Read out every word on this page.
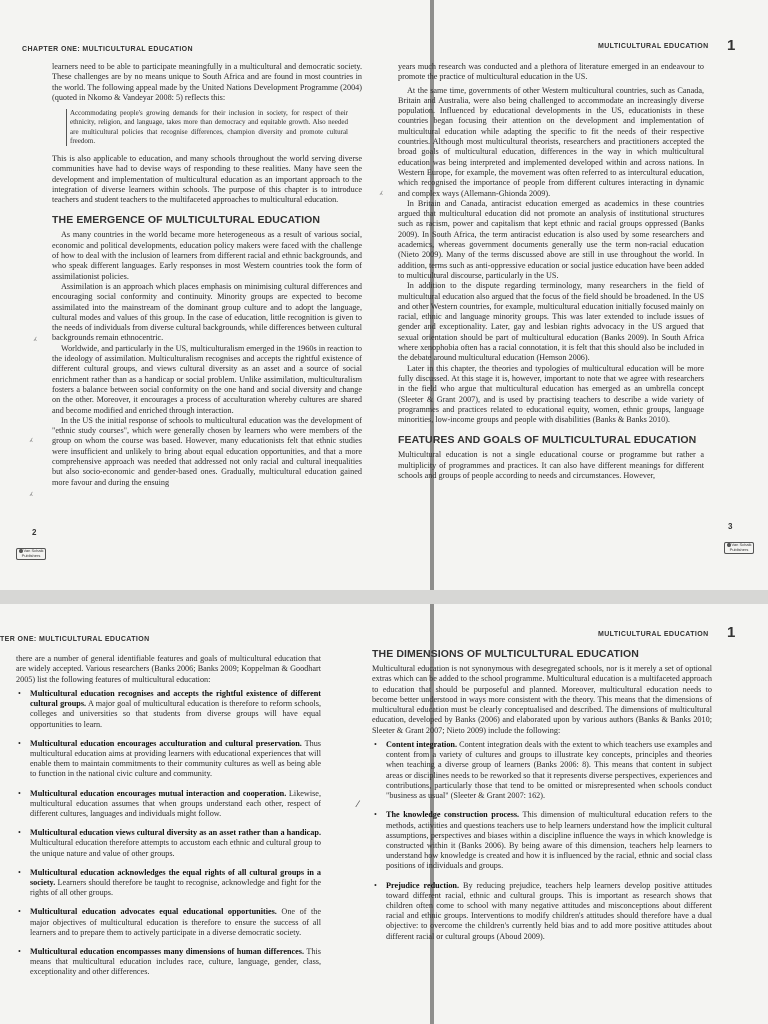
CHAPTER ONE: MULTICULTURAL EDUCATION

learners need to be able to participate meaningfully in a multicultural and democratic society. These challenges are by no means unique to South Africa and are found in most countries in the world. The following appeal made by the United Nations Development Programme (2004) (quoted in Nkomo & Vandeyar 2008: 5) reflects this:

Accommodating people's growing demands for their inclusion in society, for respect of their ethnicity, religion, and language, takes more than democracy and equitable growth. Also needed are multicultural policies that recognise differences, champion diversity and promote cultural freedom.

This is also applicable to education, and many schools throughout the world serving diverse communities have had to devise ways of responding to these realities. Many have seen the development and implementation of multicultural education as an important approach to the integration of diverse learners within schools. The purpose of this chapter is to introduce teachers and student teachers to the multifaceted approaches to multicultural education.

THE EMERGENCE OF MULTICULTURAL EDUCATION

As many countries in the world became more heterogeneous as a result of various social, economic and political developments, education policy makers were faced with the challenge of how to deal with the inclusion of learners from different racial and ethnic backgrounds, and who speak different languages. Early responses in most Western countries took the form of assimilationist policies.

Assimilation is an approach which places emphasis on minimising cultural differences and encouraging social conformity and continuity. Minority groups are expected to become assimilated into the mainstream of the dominant group culture and to adopt the language, cultural modes and values of this group. In the case of education, little recognition is given to the needs of individuals from diverse cultural backgrounds, while differences between cultural backgrounds remain ethnocentric.

Worldwide, and particularly in the US, multiculturalism emerged in the 1960s in reaction to the ideology of assimilation. Multiculturalism recognises and accepts the rightful existence of different cultural groups, and views cultural diversity as an asset and a source of social enrichment rather than as a handicap or social problem. Unlike assimilation, multiculturalism fosters a balance between social conformity on the one hand and social diversity and change on the other. Moreover, it encourages a process of acculturation whereby cultures are shared and become modified and enriched through interaction.

In the US the initial response of schools to multicultural education was the development of "ethnic study courses", which were generally chosen by learners who were members of the group on whom the course was based. However, many educationists felt that ethnic studies were insufficient and unlikely to bring about equal education opportunities, and that a more comprehensive approach was needed that addressed not only racial and cultural inequalities but also socio-economic and gender-based ones. Gradually, multicultural education gained more favour and during the ensuing

⁁
⁁
⁁
2
Van Schaik Publishers
MULTICULTURAL EDUCATION 1

years much research was conducted and a plethora of literature emerged in an endeavour to promote the practice of multicultural education in the US.

At the same time, governments of other Western multicultural countries, such as Canada, Britain and Australia, were also being challenged to accommodate an increasingly diverse population. Influenced by educational developments in the US, educationists in these countries began focusing their attention on the development and implementation of multicultural education while adapting the specific to fit the needs of their respective countries. Although most multicultural theorists, researchers and practitioners accepted the broad goals of multicultural education, differences in the way in which multicultural education was being interpreted and implemented developed within and across nations. In Western Europe, for example, the movement was often referred to as intercultural education, which recognised the importance of people from different cultures interacting in dynamic and complex ways (Allemann-Ghionda 2009).

In Britain and Canada, antiracist education emerged as academics in these countries argued that multicultural education did not promote an analysis of institutional structures such as racism, power and capitalism that kept ethnic and racial groups oppressed (Banks 2009). In South Africa, the term antiracist education is also used by some researchers and academics, whereas government documents generally use the term non-racial education (Nieto 2009). Many of the terms discussed above are still in use throughout the world. In addition, terms such as anti-oppressive education or social justice education have been added to multicultural discourse, particularly in the US.

In addition to the dispute regarding terminology, many researchers in the field of multicultural education also argued that the focus of the field should be broadened. In the US and other Western countries, for example, multicultural education initially focused mainly on racial, ethnic and language minority groups. This was later extended to include issues of gender and exceptionality. Later, gay and lesbian rights advocacy in the US argued that sexual orientation should be part of multicultural education (Banks 2009). In South Africa where xenophobia often has a racial connotation, it is felt that this should also be included in the debate around multicultural education (Hemson 2006).

Later in this chapter, the theories and typologies of multicultural education will be more fully discussed. At this stage it is, however, important to note that we agree with researchers in the field who argue that multicultural education has emerged as an umbrella concept (Sleeter & Grant 2007), and is used by practising teachers to describe a wide variety of programmes and practices related to educational equity, women, ethnic groups, language minorities, low-income groups and people with disabilities (Banks & Banks 2010).

FEATURES AND GOALS OF MULTICULTURAL EDUCATION

Multicultural education is not a single educational course or programme but rather a multiplicity of programmes and practices. It can also have different meanings for different schools and groups of people according to needs and circumstances. However,

⁁
3
Van Schaik Publishers
TER ONE: MULTICULTURAL EDUCATION

there are a number of general identifiable features and goals of multicultural education that are widely accepted. Various researchers (Banks 2006; Banks 2009; Koppelman & Goodhart 2005) list the following features of multicultural education:

• Multicultural education recognises and accepts the rightful existence of different cultural groups. A major goal of multicultural education is therefore to reform schools, colleges and universities so that students from diverse groups will have equal opportunities to learn.
• Multicultural education encourages acculturation and cultural preservation. Thus multicultural education aims at providing learners with educational experiences that will enable them to maintain commitments to their community cultures as well as being able to function in the national civic culture and community.
• Multicultural education encourages mutual interaction and cooperation. Likewise, multicultural education assumes that when groups understand each other, respect of different cultures, languages and individuals might follow.
• Multicultural education views cultural diversity as an asset rather than a handicap. Multicultural education therefore attempts to accustom each ethnic and cultural group to the unique nature and value of other groups.
• Multicultural education acknowledges the equal rights of all cultural groups in a society. Learners should therefore be taught to recognise, acknowledge and fight for the rights of all other groups.
• Multicultural education advocates equal educational opportunities. One of the major objectives of multicultural education is therefore to ensure the success of all learners and to prepare them to actively participate in a diverse democratic society.
• Multicultural education encompasses many dimensions of human differences. This means that multicultural education includes race, culture, language, gender, class, exceptionality and other differences.
⁄
MULTICULTURAL EDUCATION 1
THE DIMENSIONS OF MULTICULTURAL EDUCATION

Multicultural education is not synonymous with desegregated schools, nor is it merely a set of optional extras which can be added to the school programme. Multicultural education is a multifaceted approach to education that should be purposeful and planned. Moreover, multicultural education needs to become better understood in ways more consistent with the theory. This means that the dimensions of multicultural education must be clearly conceptualised and described. The dimensions of multicultural education, developed by Banks (2006) and elaborated upon by various authors (Banks & Banks 2010; Sleeter & Grant 2007; Nieto 2009) include the following:

• Content integration. Content integration deals with the extent to which teachers use examples and content from a variety of cultures and groups to illustrate key concepts, principles and theories when teaching a diverse group of learners (Banks 2006: 8). This means that content in subject areas or disciplines needs to be reworked so that it represents diverse perspectives, experiences and contributions, particularly those that tend to be omitted or misrepresented when schools conduct "business as usual" (Sleeter & Grant 2007: 162).
• The knowledge construction process. This dimension of multicultural education refers to the methods, activities and questions teachers use to help learners understand how the implicit cultural assumptions, perspectives and biases within a discipline influence the ways in which knowledge is constructed within it (Banks 2006). By being aware of this dimension, teachers help learners to understand how knowledge is created and how it is influenced by the racial, ethnic and social class positions of individuals and groups.
• Prejudice reduction. By reducing prejudice, teachers help learners develop positive attitudes toward different racial, ethnic and cultural groups. This is important as research shows that children often come to school with many negative attitudes and misconceptions about different racial and ethnic groups. Interventions to modify children's attitudes should therefore have a dual objective: to overcome the children's currently held bias and to add more positive attitudes about different racial or cultural groups (Aboud 2009).
